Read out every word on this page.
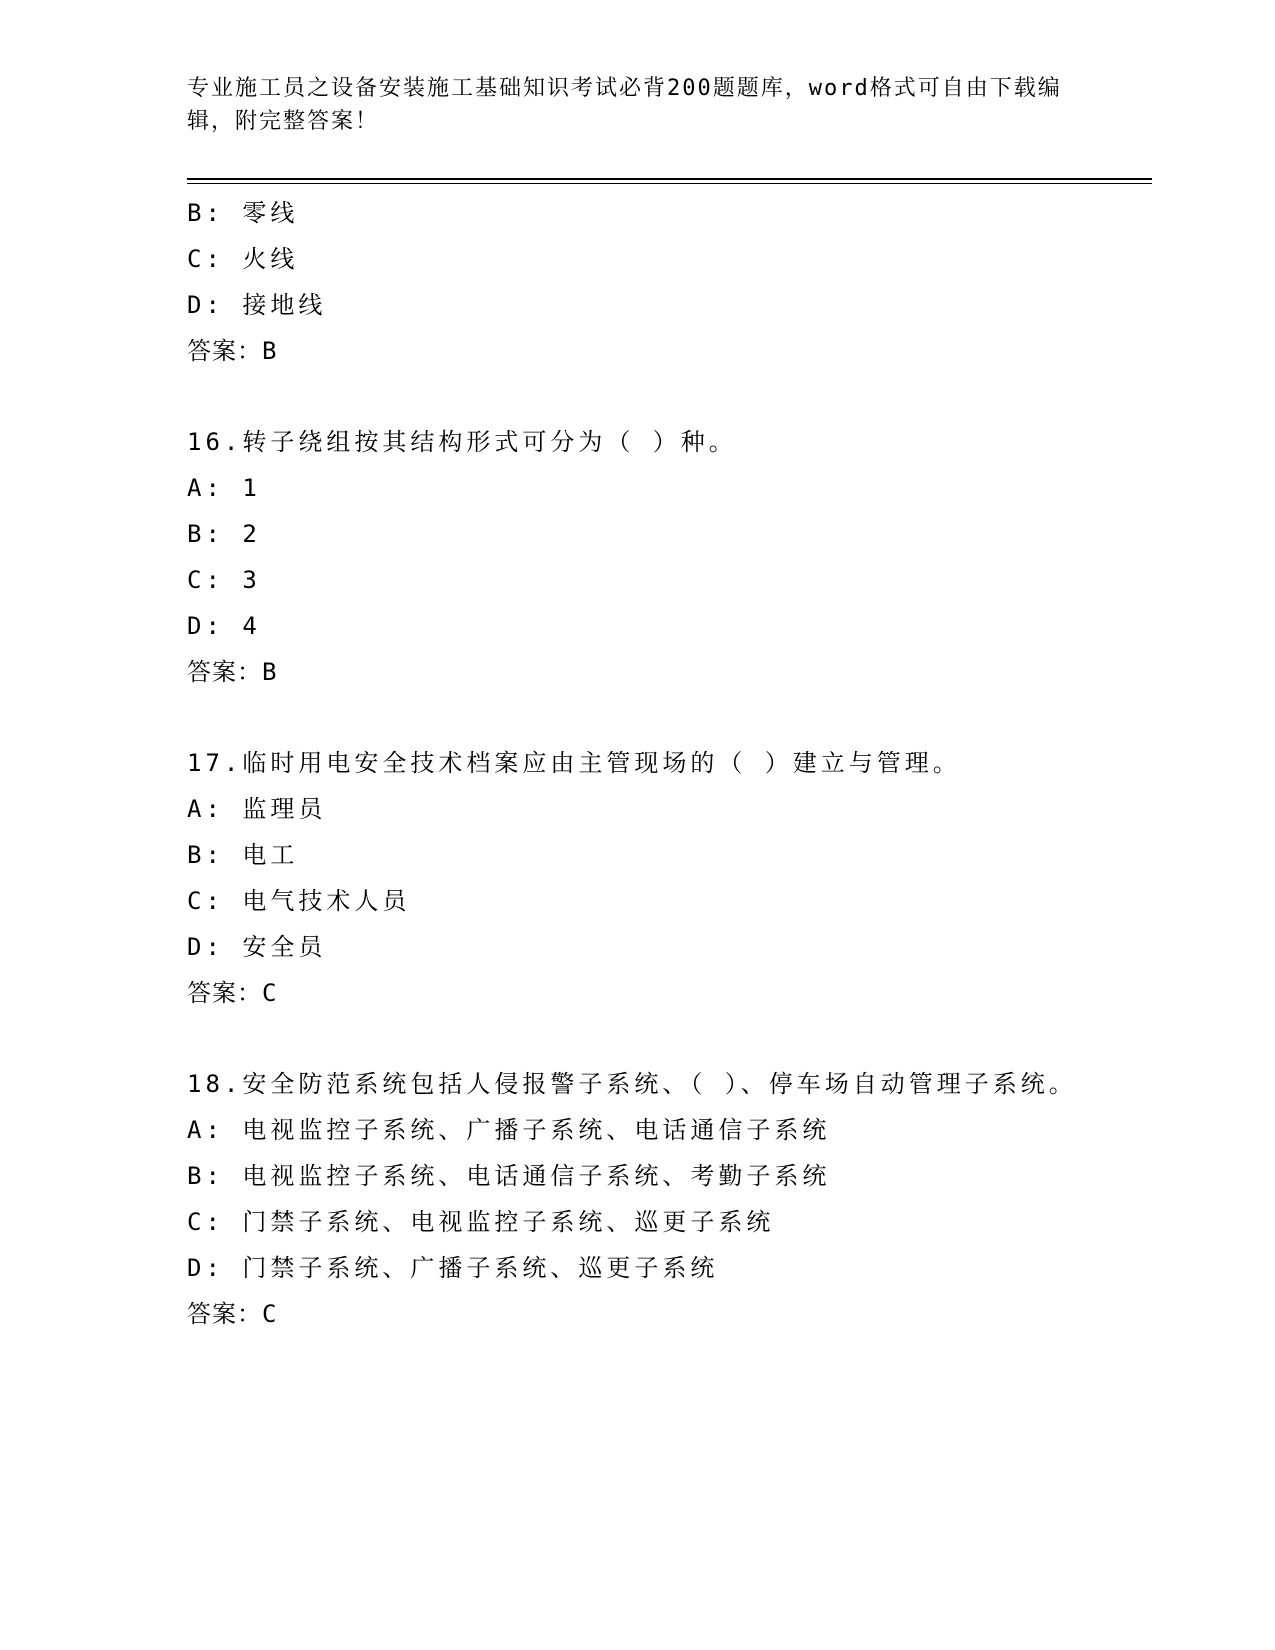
专业施工员之设备安装施工基础知识考试必背200题题库，word格式可自由下载编辑，附完整答案！
B: 零线
C: 火线
D: 接地线
答案：B
16.转子绕组按其结构形式可分为（ ）种。
A: 1
B: 2
C: 3
D: 4
答案：B
17.临时用电安全技术档案应由主管现场的（ ）建立与管理。
A: 监理员
B: 电工
C: 电气技术人员
D: 安全员
答案：C
18.安全防范系统包括人侵报警子系统、（ ）、停车场自动管理子系统。
A: 电视监控子系统、广播子系统、电话通信子系统
B: 电视监控子系统、电话通信子系统、考勤子系统
C: 门禁子系统、电视监控子系统、巡更子系统
D: 门禁子系统、广播子系统、巡更子系统
答案：C
